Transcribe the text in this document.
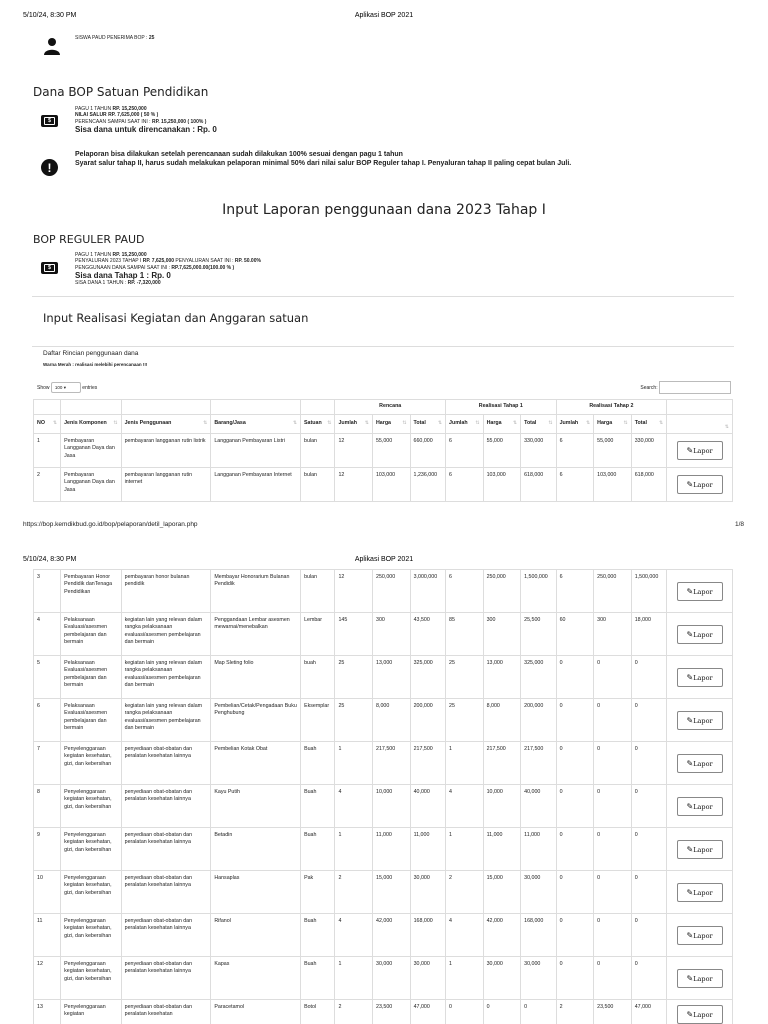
5/10/24, 8:30 PM	Aplikasi BOP 2021
SISWA PAUD PENERIMA BOP : 25
Dana BOP Satuan Pendidikan
$
PAGU 1 TAHUN RP. 15,250,000
NILAI SALUR RP. 7,625,000 ( 50 % )
PERENCAAN SAMPAI SAAT INI : RP. 15,250,000 ( 100% )
Sisa dana untuk direncanakan : Rp. 0
!
Pelaporan bisa dilakukan setelah perencanaan sudah dilakukan 100% sesuai dengan pagu 1 tahun
Syarat salur tahap II, harus sudah melakukan pelaporan minimal 50% dari nilai salur BOP Reguler tahap I. Penyaluran tahap II paling cepat bulan Juli.
Input Laporan penggunaan dana 2023 Tahap I
BOP REGULER PAUD
$
PAGU 1 TAHUN RP. 15,250,000
PENYALURAN 2023 TAHAP I RP. 7,625,000 PENYALURAN SAAT INI : RP. 50.00%
PENGGUNAAN DANA SAMPAI SAAT INI : RP.7,625,000.00(100.00 % )
Sisa dana Tahap 1 : Rp. 0
SISA DANA 1 TAHUN : RP. -7,320,000
Input Realisasi Kegiatan dan Anggaran satuan
Daftar Rincian penggunaan dana
Warna Merah : realisasi melebihi perencanaan !!!
Show 100 ▾	entries	Search:
					Rencana			Realisasi Tahap 1			Realisasi Tahap 2			
NO ⇅	Jenis Komponen ⇅	Jenis Penggunaan ⇅	Barang/Jasa ⇅	Satuan ⇅	Jumlah ⇅	Harga ⇅	Total ⇅	Jumlah ⇅	Harga ⇅	Total ⇅	Jumlah ⇅	Harga ⇅	Total ⇅	⇅

1	Pembayaran Langganan Daya dan Jasa	pembayaran langganan rutin listrik	Langganan Pembayaran Listri	bulan	12	55,000	660,000	6	55,000	330,000	6	55,000	330,000	✎Lapor
2	Pembayaran Langganan Daya dan Jasa	pembayaran langganan rutin internet	Langganan Pembayaran Internet	bulan	12	103,000	1,236,000	6	103,000	618,000	6	103,000	618,000	✎Lapor
https://bop.kemdikbud.go.id/bop/pelaporan/detil_laporan.php	1/8
5/10/24, 8:30 PM	Aplikasi BOP 2021
3	Pembayaran Honor Pendidik danTenaga Pendidikan	pembayaran honor bulanan pendidik	Membayar Honorarium Bulanan Pendidik	bulan	12	250,000	3,000,000	6	250,000	1,500,000	6	250,000	1,500,000	✎Lapor
4	Pelaksanaan Evaluasi/asesmen pembelajaran dan bermain	kegiatan lain yang relevan dalam rangka pelaksanaan evaluasi/asesmen pembelajaran dan bermain	Penggandaan Lembar asesmen mewarnai/menebalkan	Lembar	145	300	43,500	85	300	25,500	60	300	18,000	✎Lapor
5	Pelaksanaan Evaluasi/asesmen pembelajaran dan bermain	kegiatan lain yang relevan dalam rangka pelaksanaan evaluasi/asesmen pembelajaran dan bermain	Map Sleting folio	buah	25	13,000	325,000	25	13,000	325,000	0	0	0	✎Lapor
6	Pelaksanaan Evaluasi/asesmen pembelajaran dan bermain	kegiatan lain yang relevan dalam rangka pelaksanaan evaluasi/asesmen pembelajaran dan bermain	Pembelian/Cetak/Pengadaan Buku Penghubung	Eksemplar	25	8,000	200,000	25	8,000	200,000	0	0	0	✎Lapor
7	Penyelenggaraan kegiatan kesehatan, gizi, dan kebersihan	penyediaan obat-obatan dan peralatan kesehatan lainnya	Pembelian Kotak Obat	Buah	1	217,500	217,500	1	217,500	217,500	0	0	0	✎Lapor
8	Penyelenggaraan kegiatan kesehatan, gizi, dan kebersihan	penyediaan obat-obatan dan peralatan kesehatan lainnya	Kayu Putih	Buah	4	10,000	40,000	4	10,000	40,000	0	0	0	✎Lapor
9	Penyelenggaraan kegiatan kesehatan, gizi, dan kebersihan	penyediaan obat-obatan dan peralatan kesehatan lainnya	Betadin	Buah	1	11,000	11,000	1	11,000	11,000	0	0	0	✎Lapor
10	Penyelenggaraan kegiatan kesehatan, gizi, dan kebersihan	penyediaan obat-obatan dan peralatan kesehatan lainnya	Hansaplas	Pak	2	15,000	30,000	2	15,000	30,000	0	0	0	✎Lapor
11	Penyelenggaraan kegiatan kesehatan, gizi, dan kebersihan	penyediaan obat-obatan dan peralatan kesehatan lainnya	Rifanol	Buah	4	42,000	168,000	4	42,000	168,000	0	0	0	✎Lapor
12	Penyelenggaraan kegiatan kesehatan, gizi, dan kebersihan	penyediaan obat-obatan dan peralatan kesehatan lainnya	Kapas	Buah	1	30,000	30,000	1	30,000	30,000	0	0	0	✎Lapor
13	Penyelenggaraan kegiatan	penyediaan obat-obatan dan peralatan kesehatan	Paracetamol	Botol	2	23,500	47,000	0	0	0	2	23,500	47,000	✎Lapor
